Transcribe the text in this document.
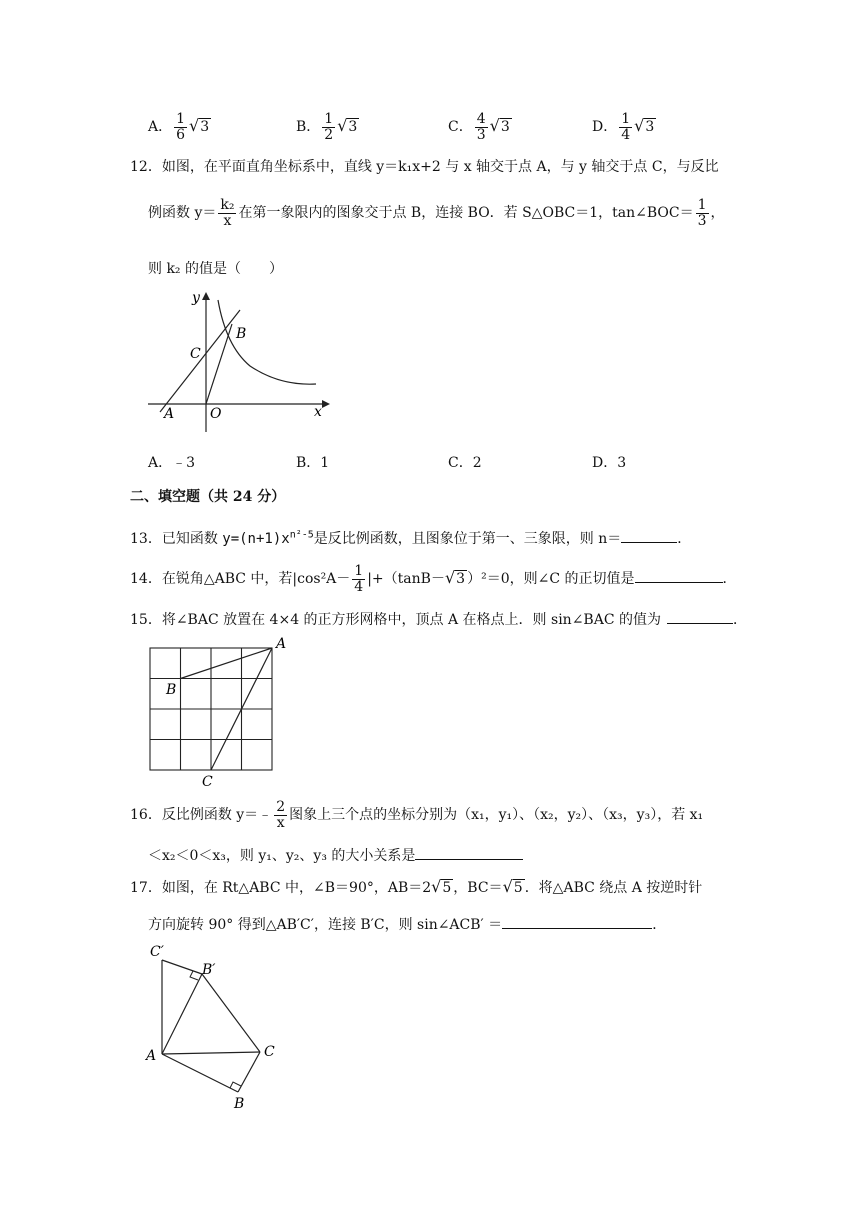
A． $\frac{1}{6} √3$	B． $\frac{1}{2} √3$	C． $\frac{4}{3} √3$	D． $\frac{1}{4} √3$
12．如图，在平面直角坐标系中，直线 y＝k₁x+2 与 x 轴交于点 A，与 y 轴交于点 C，与反比
例函数 $y= \frac{\text{k₂}}{x}$ 在第一象限内的图象交于点 B，连接 BO．若 S△OBC＝1，tan∠BOC＝ $\frac{1}{3}$ ，
则 k₂ 的值是（　　）
y
x
B
C
A	O
A．﹣3	B．1	C．2	D．3
二、填空题（共 24 分）
13．已知函数 $y=(n+1)x^{n^2-5}$是反比例函数，且图象位于第一、三象限，则 n＝	．
14．在锐角△ABC 中，若$|\cos^2A- \frac{1}{4} |+(\tan B-√3$ ）²＝0，则∠C 的正切值是	．
15．将∠BAC 放置在 4×4 的正方形网格中，顶点 A 在格点上．则 sin∠BAC 的值为	．
A
B
C
16．反比例函数 y＝﹣ $\frac{2}{x}$ 图象上三个点的坐标分别为（x₁，y₁）、（x₂，y₂）、（x₃，y₃），若 x₁
＜x₂＜0＜x₃，则 y₁、y₂、y₃ 的大小关系是
17．如图，在 Rt△ABC 中，∠B＝90°，AB＝2√5 ，BC＝√5 ．将△ABC 绕点 A 按逆时针
方向旋转 90° 得到△AB′C′，连接 B′C，则 sin∠ACB′ ＝	．
C′
B′
A	C
B
